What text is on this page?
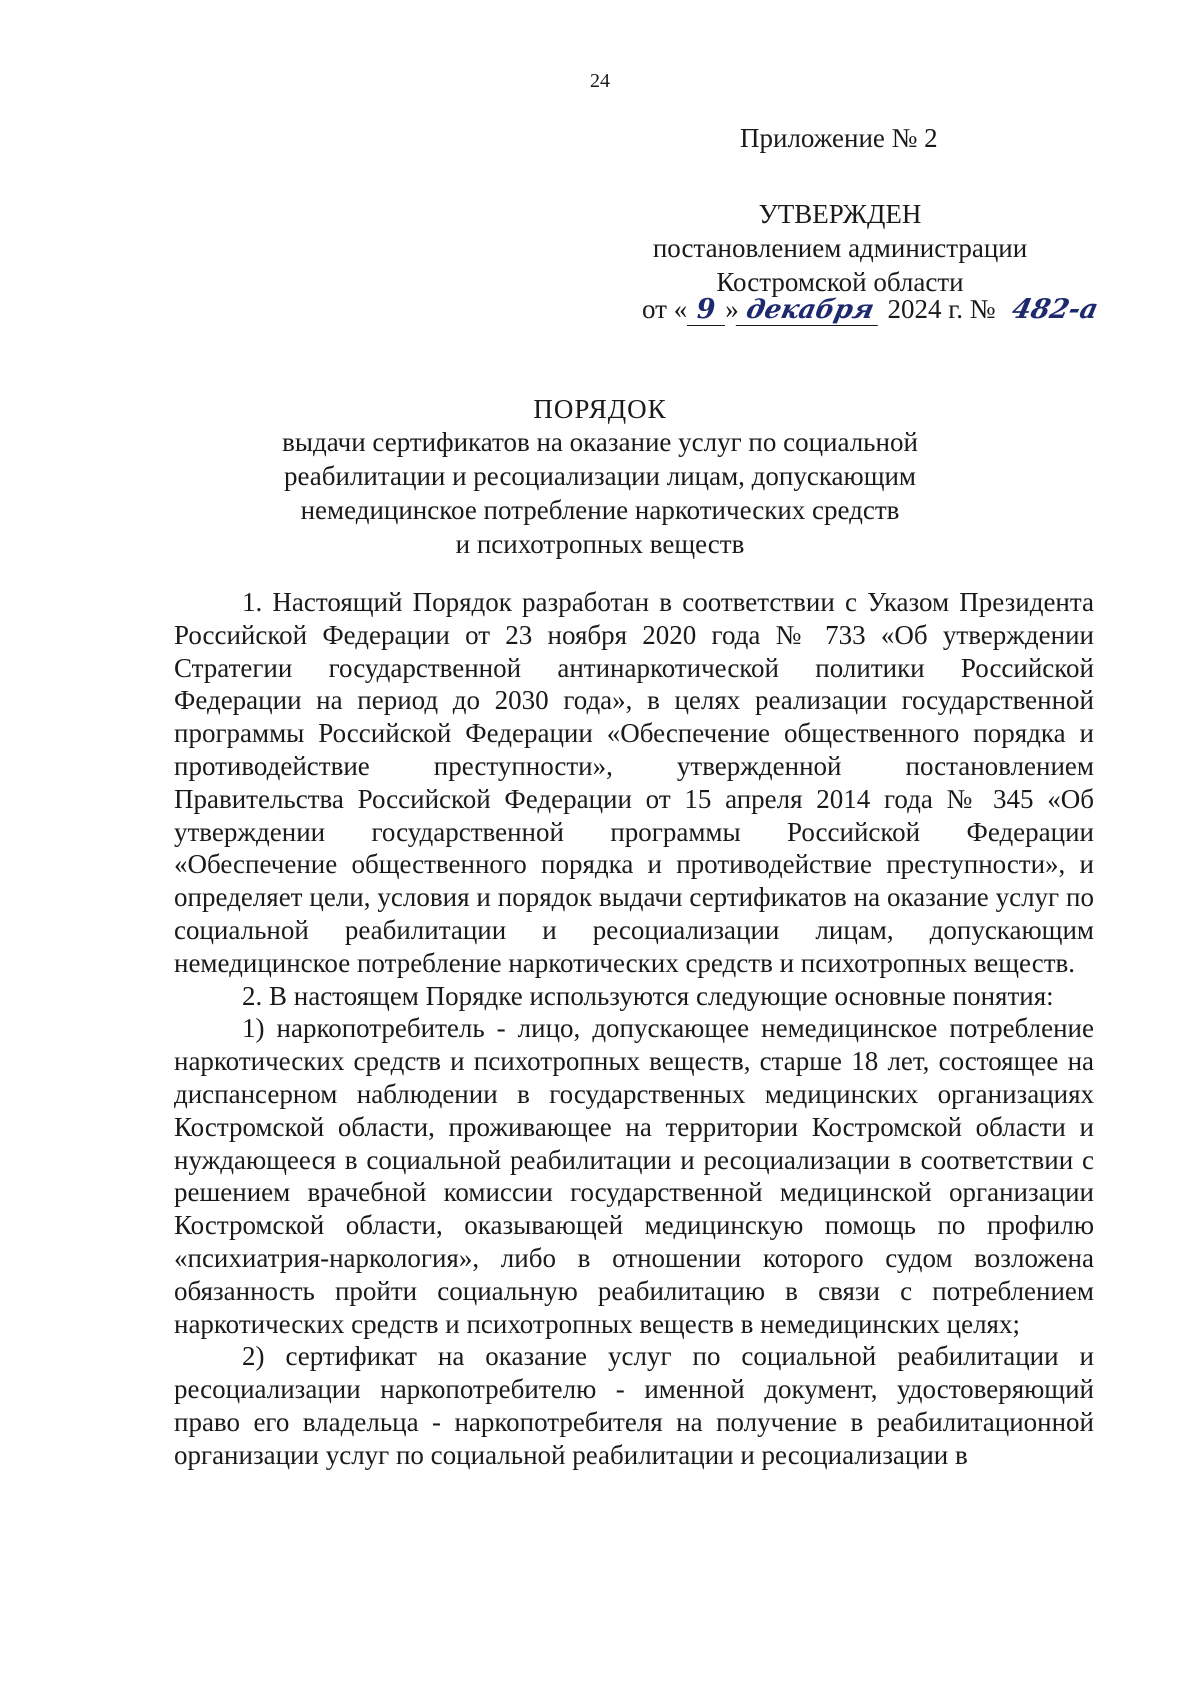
24
Приложение № 2
УТВЕРЖДЕН
постановлением администрации
Костромской области
от « 9 » декабря 2024 г. № 482-а
ПОРЯДОК
выдачи сертификатов на оказание услуг по социальной
реабилитации и ресоциализации лицам, допускающим
немедицинское потребление наркотических средств
и психотропных веществ

1. Настоящий Порядок разработан в соответствии с Указом Президента Российской Федерации от 23 ноября 2020 года № 733 «Об утверждении Стратегии государственной антинаркотической политики Российской Федерации на период до 2030 года», в целях реализации государственной программы Российской Федерации «Обеспечение общественного порядка и противодействие преступности», утвержденной постановлением Правительства Российской Федерации от 15 апреля 2014 года № 345 «Об утверждении государственной программы Российской Федерации «Обеспечение общественного порядка и противодействие преступности», и определяет цели, условия и порядок выдачи сертификатов на оказание услуг по социальной реабилитации и ресоциализации лицам, допускающим немедицинское потребление наркотических средств и психотропных веществ.

2. В настоящем Порядке используются следующие основные понятия:

1) наркопотребитель - лицо, допускающее немедицинское потребление наркотических средств и психотропных веществ, старше 18 лет, состоящее на диспансерном наблюдении в государственных медицинских организациях Костромской области, проживающее на территории Костромской области и нуждающееся в социальной реабилитации и ресоциализации в соответствии с решением врачебной комиссии государственной медицинской организации Костромской области, оказывающей медицинскую помощь по профилю «психиатрия-наркология», либо в отношении которого судом возложена обязанность пройти социальную реабилитацию в связи с потреблением наркотических средств и психотропных веществ в немедицинских целях;

2) сертификат на оказание услуг по социальной реабилитации и ресоциализации наркопотребителю - именной документ, удостоверяющий право его владельца - наркопотребителя на получение в реабилитационной организации услуг по социальной реабилитации и ресоциализации в
